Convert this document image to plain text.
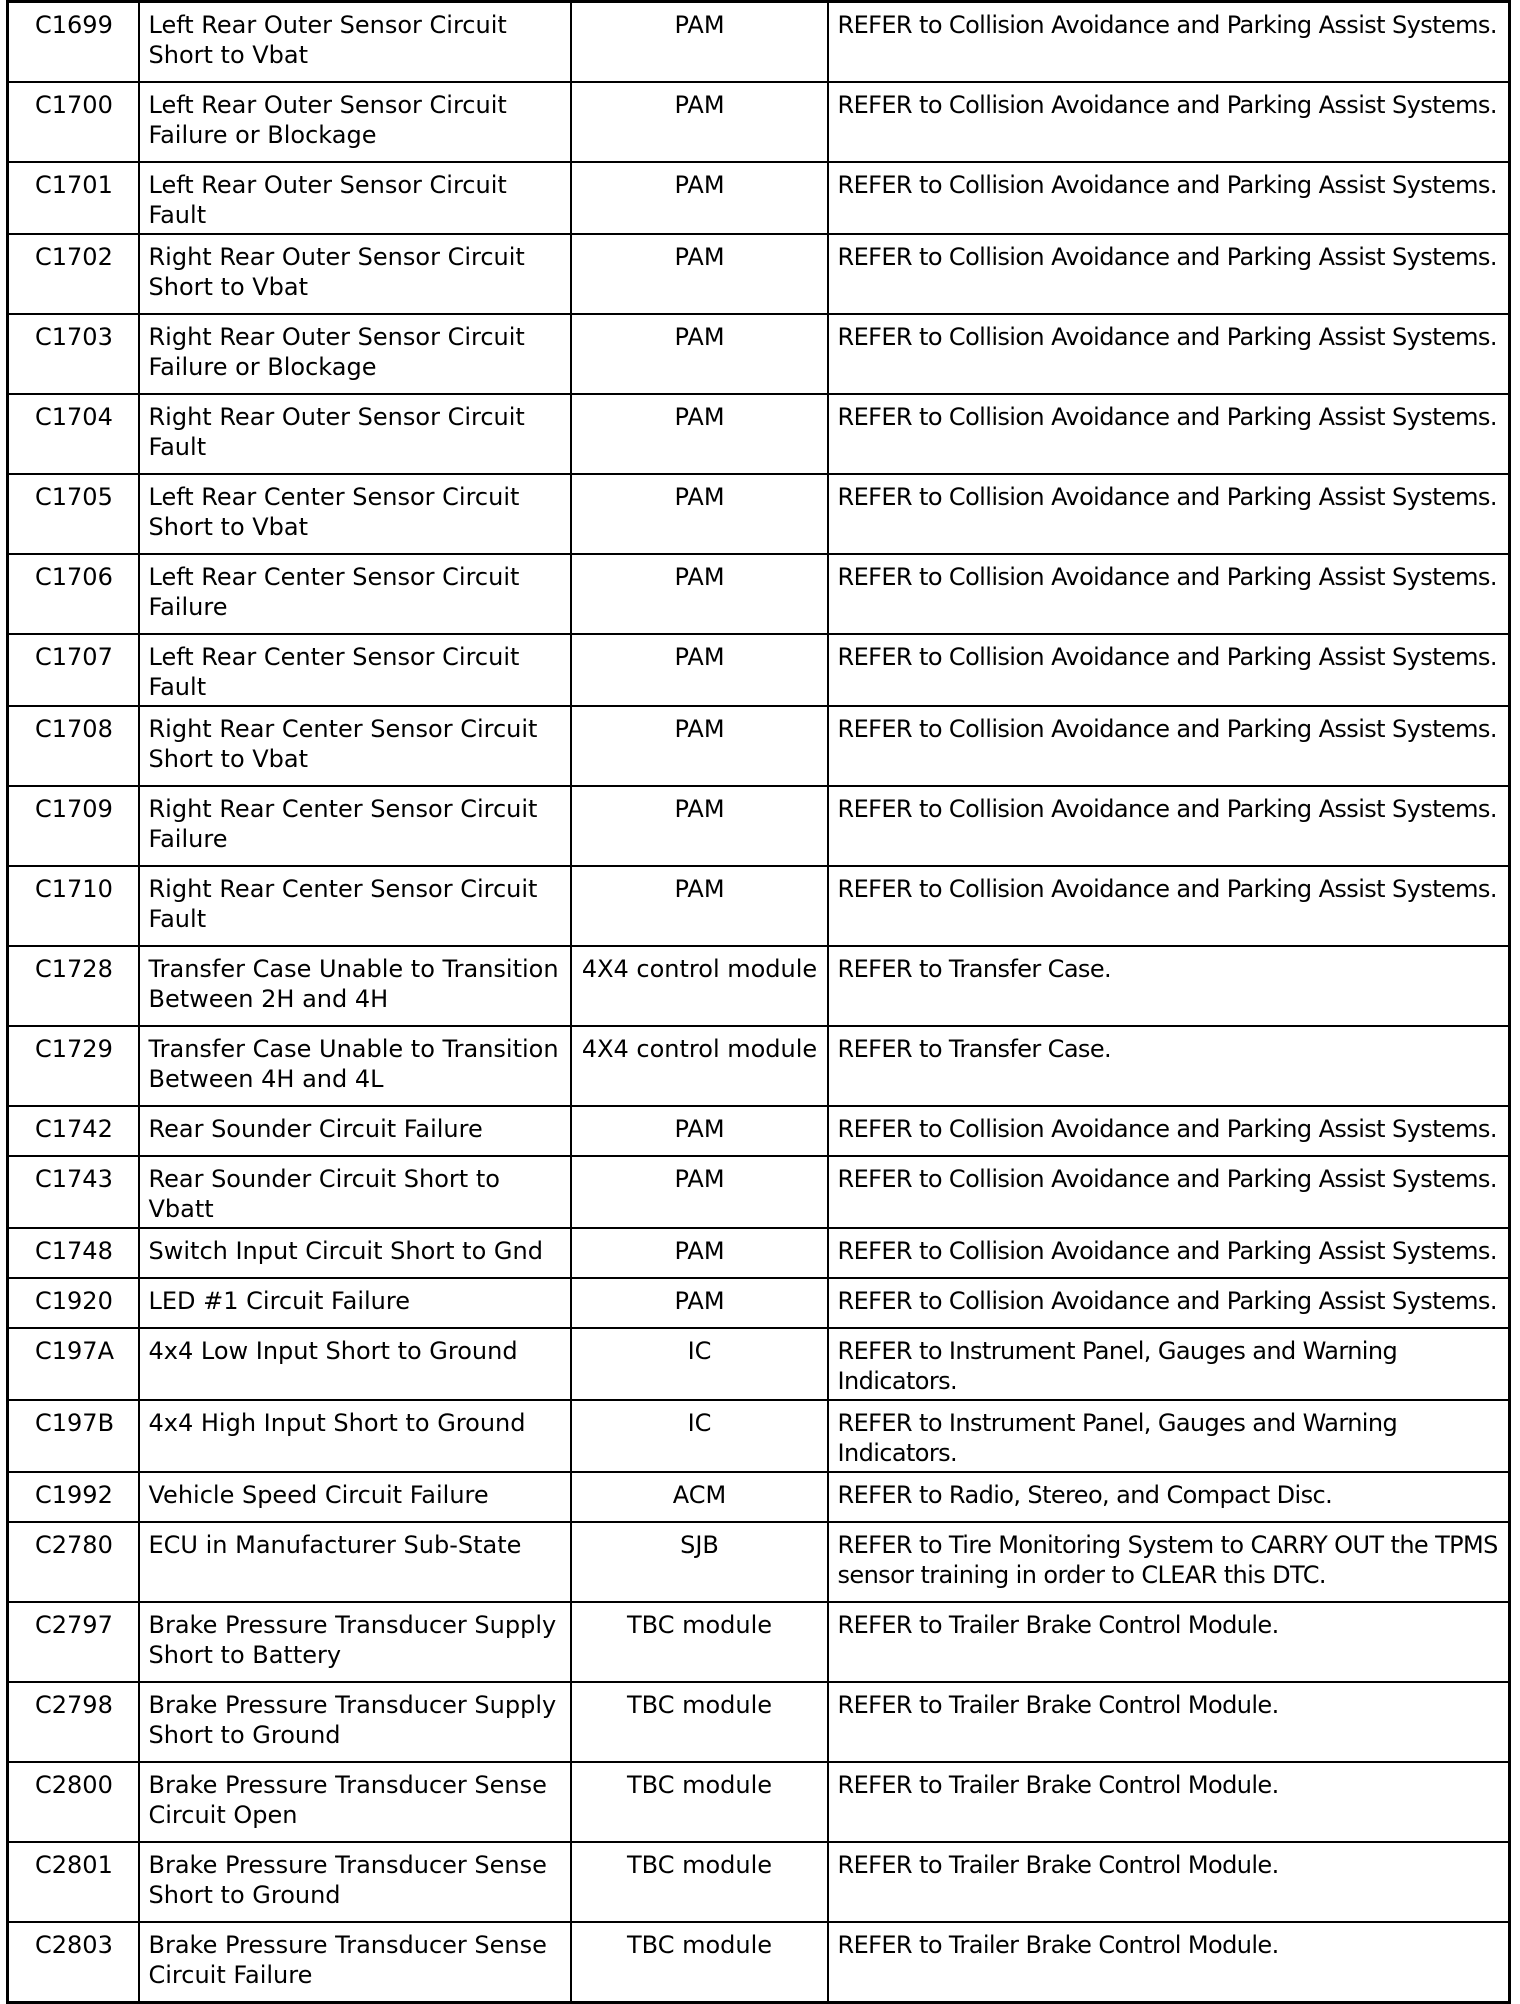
C1699	Left Rear Outer Sensor Circuit Short to Vbat	PAM	REFER to Collision Avoidance and Parking Assist Systems.
C1700	Left Rear Outer Sensor Circuit Failure or Blockage	PAM	REFER to Collision Avoidance and Parking Assist Systems.
C1701	Left Rear Outer Sensor Circuit Fault	PAM	REFER to Collision Avoidance and Parking Assist Systems.
C1702	Right Rear Outer Sensor Circuit Short to Vbat	PAM	REFER to Collision Avoidance and Parking Assist Systems.
C1703	Right Rear Outer Sensor Circuit Failure or Blockage	PAM	REFER to Collision Avoidance and Parking Assist Systems.
C1704	Right Rear Outer Sensor Circuit Fault	PAM	REFER to Collision Avoidance and Parking Assist Systems.
C1705	Left Rear Center Sensor Circuit Short to Vbat	PAM	REFER to Collision Avoidance and Parking Assist Systems.
C1706	Left Rear Center Sensor Circuit Failure	PAM	REFER to Collision Avoidance and Parking Assist Systems.
C1707	Left Rear Center Sensor Circuit Fault	PAM	REFER to Collision Avoidance and Parking Assist Systems.
C1708	Right Rear Center Sensor Circuit Short to Vbat	PAM	REFER to Collision Avoidance and Parking Assist Systems.
C1709	Right Rear Center Sensor Circuit Failure	PAM	REFER to Collision Avoidance and Parking Assist Systems.
C1710	Right Rear Center Sensor Circuit Fault	PAM	REFER to Collision Avoidance and Parking Assist Systems.
C1728	Transfer Case Unable to Transition Between 2H and 4H	4X4 control module	REFER to Transfer Case.
C1729	Transfer Case Unable to Transition Between 4H and 4L	4X4 control module	REFER to Transfer Case.
C1742	Rear Sounder Circuit Failure	PAM	REFER to Collision Avoidance and Parking Assist Systems.
C1743	Rear Sounder Circuit Short to Vbatt	PAM	REFER to Collision Avoidance and Parking Assist Systems.
C1748	Switch Input Circuit Short to Gnd	PAM	REFER to Collision Avoidance and Parking Assist Systems.
C1920	LED #1 Circuit Failure	PAM	REFER to Collision Avoidance and Parking Assist Systems.
C197A	4x4 Low Input Short to Ground	IC	REFER to Instrument Panel, Gauges and Warning Indicators.
C197B	4x4 High Input Short to Ground	IC	REFER to Instrument Panel, Gauges and Warning Indicators.
C1992	Vehicle Speed Circuit Failure	ACM	REFER to Radio, Stereo, and Compact Disc.
C2780	ECU in Manufacturer Sub-State	SJB	REFER to Tire Monitoring System to CARRY OUT the TPMS sensor training in order to CLEAR this DTC.
C2797	Brake Pressure Transducer Supply Short to Battery	TBC module	REFER to Trailer Brake Control Module.
C2798	Brake Pressure Transducer Supply Short to Ground	TBC module	REFER to Trailer Brake Control Module.
C2800	Brake Pressure Transducer Sense Circuit Open	TBC module	REFER to Trailer Brake Control Module.
C2801	Brake Pressure Transducer Sense Short to Ground	TBC module	REFER to Trailer Brake Control Module.
C2803	Brake Pressure Transducer Sense Circuit Failure	TBC module	REFER to Trailer Brake Control Module.
